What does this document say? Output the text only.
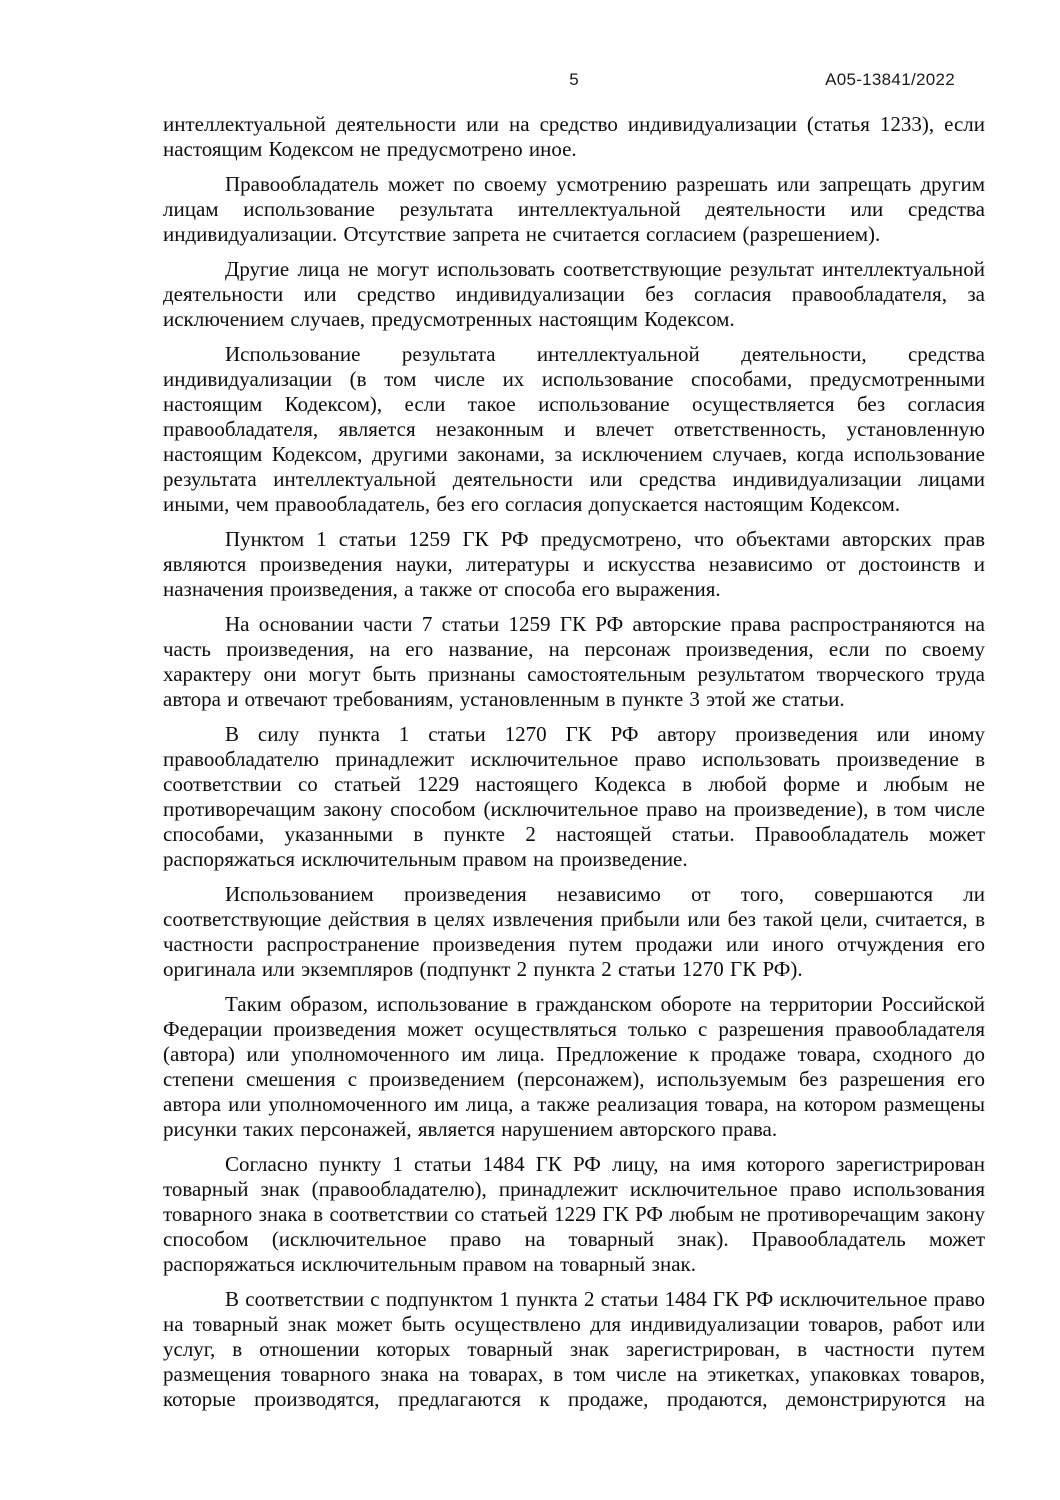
5	А05-13841/2022

интеллектуальной деятельности или на средство индивидуализации (статья 1233), если настоящим Кодексом не предусмотрено иное.

Правообладатель может по своему усмотрению разрешать или запрещать другим лицам использование результата интеллектуальной деятельности или средства индивидуализации. Отсутствие запрета не считается согласием (разрешением).

Другие лица не могут использовать соответствующие результат интеллектуальной деятельности или средство индивидуализации без согласия правообладателя, за исключением случаев, предусмотренных настоящим Кодексом.

Использование результата интеллектуальной деятельности, средства индивидуализации (в том числе их использование способами, предусмотренными настоящим Кодексом), если такое использование осуществляется без согласия правообладателя, является незаконным и влечет ответственность, установленную настоящим Кодексом, другими законами, за исключением случаев, когда использование результата интеллектуальной деятельности или средства индивидуализации лицами иными, чем правообладатель, без его согласия допускается настоящим Кодексом.

Пунктом 1 статьи 1259 ГК РФ предусмотрено, что объектами авторских прав являются произведения науки, литературы и искусства независимо от достоинств и назначения произведения, а также от способа его выражения.

На основании части 7 статьи 1259 ГК РФ авторские права распространяются на часть произведения, на его название, на персонаж произведения, если по своему характеру они могут быть признаны самостоятельным результатом творческого труда автора и отвечают требованиям, установленным в пункте 3 этой же статьи.

В силу пункта 1 статьи 1270 ГК РФ автору произведения или иному правообладателю принадлежит исключительное право использовать произведение в соответствии со статьей 1229 настоящего Кодекса в любой форме и любым не противоречащим закону способом (исключительное право на произведение), в том числе способами, указанными в пункте 2 настоящей статьи. Правообладатель может распоряжаться исключительным правом на произведение.

Использованием произведения независимо от того, совершаются ли соответствующие действия в целях извлечения прибыли или без такой цели, считается, в частности распространение произведения путем продажи или иного отчуждения его оригинала или экземпляров (подпункт 2 пункта 2 статьи 1270 ГК РФ).

Таким образом, использование в гражданском обороте на территории Российской Федерации произведения может осуществляться только с разрешения правообладателя (автора) или уполномоченного им лица. Предложение к продаже товара, сходного до степени смешения с произведением (персонажем), используемым без разрешения его автора или уполномоченного им лица, а также реализация товара, на котором размещены рисунки таких персонажей, является нарушением авторского права.

Согласно пункту 1 статьи 1484 ГК РФ лицу, на имя которого зарегистрирован товарный знак (правообладателю), принадлежит исключительное право использования товарного знака в соответствии со статьей 1229 ГК РФ любым не противоречащим закону способом (исключительное право на товарный знак). Правообладатель может распоряжаться исключительным правом на товарный знак.

В соответствии с подпунктом 1 пункта 2 статьи 1484 ГК РФ исключительное право на товарный знак может быть осуществлено для индивидуализации товаров, работ или услуг, в отношении которых товарный знак зарегистрирован, в частности путем размещения товарного знака на товарах, в том числе на этикетках, упаковках товаров, которые производятся, предлагаются к продаже, продаются, демонстрируются на
